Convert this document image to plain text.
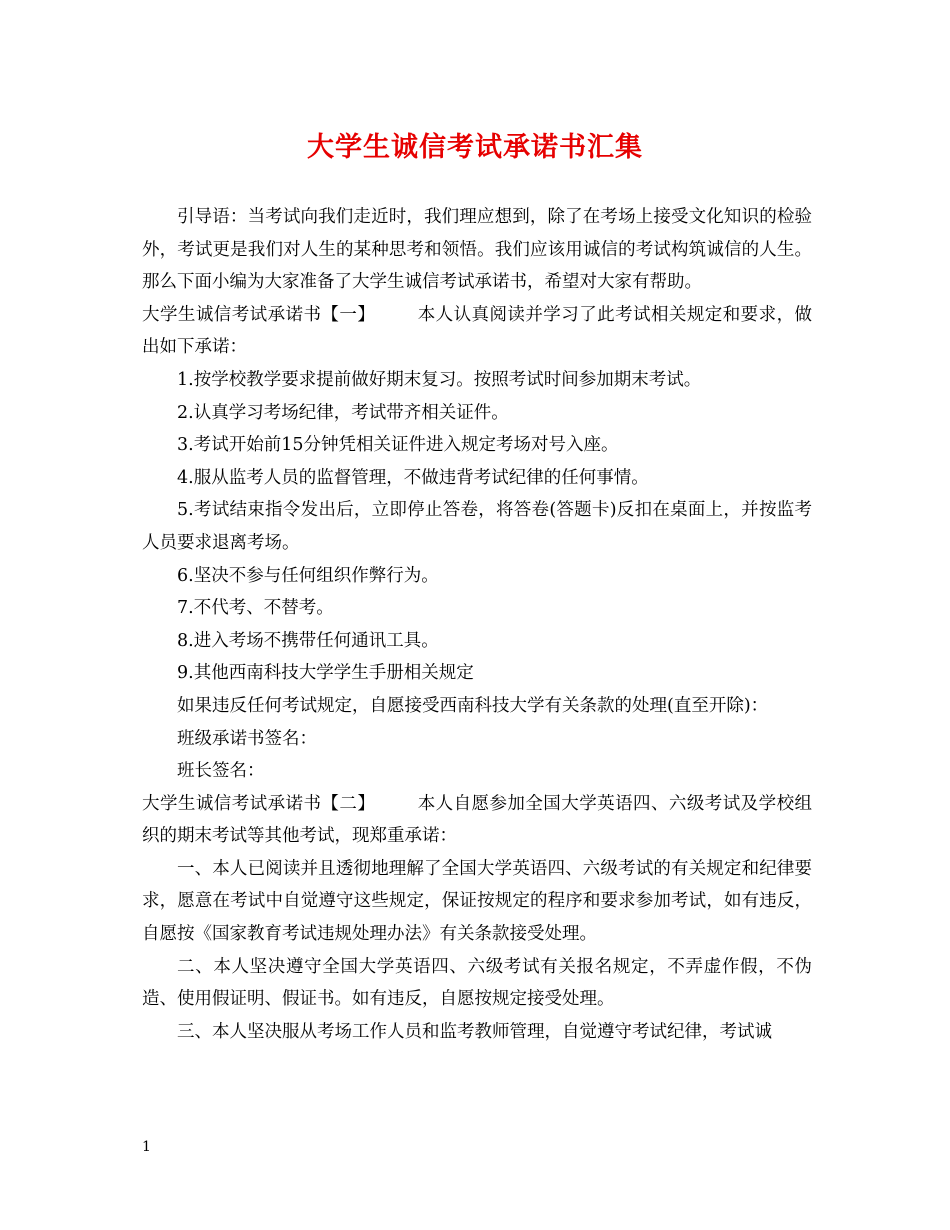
大学生诚信考试承诺书汇集

引导语：当考试向我们走近时，我们理应想到，除了在考场上接受文化知识的检验外，考试更是我们对人生的某种思考和领悟。我们应该用诚信的考试构筑诚信的人生。那么下面小编为大家准备了大学生诚信考试承诺书，希望对大家有帮助。

大学生诚信考试承诺书【一】 本人认真阅读并学习了此考试相关规定和要求，做出如下承诺：

1.按学校教学要求提前做好期末复习。按照考试时间参加期末考试。

2.认真学习考场纪律，考试带齐相关证件。

3.考试开始前15分钟凭相关证件进入规定考场对号入座。

4.服从监考人员的监督管理，不做违背考试纪律的任何事情。

5.考试结束指令发出后，立即停止答卷，将答卷(答题卡)反扣在桌面上，并按监考人员要求退离考场。

6.坚决不参与任何组织作弊行为。

7.不代考、不替考。

8.进入考场不携带任何通讯工具。

9.其他西南科技大学学生手册相关规定

如果违反任何考试规定，自愿接受西南科技大学有关条款的处理(直至开除)：

班级承诺书签名：

班长签名：

大学生诚信考试承诺书【二】 本人自愿参加全国大学英语四、六级考试及学校组织的期末考试等其他考试，现郑重承诺：

一、本人已阅读并且透彻地理解了全国大学英语四、六级考试的有关规定和纪律要求，愿意在考试中自觉遵守这些规定，保证按规定的程序和要求参加考试，如有违反，自愿按《国家教育考试违规处理办法》有关条款接受处理。

二、本人坚决遵守全国大学英语四、六级考试有关报名规定，不弄虚作假，不伪造、使用假证明、假证书。如有违反，自愿按规定接受处理。

三、本人坚决服从考场工作人员和监考教师管理，自觉遵守考试纪律，考试诚

1
